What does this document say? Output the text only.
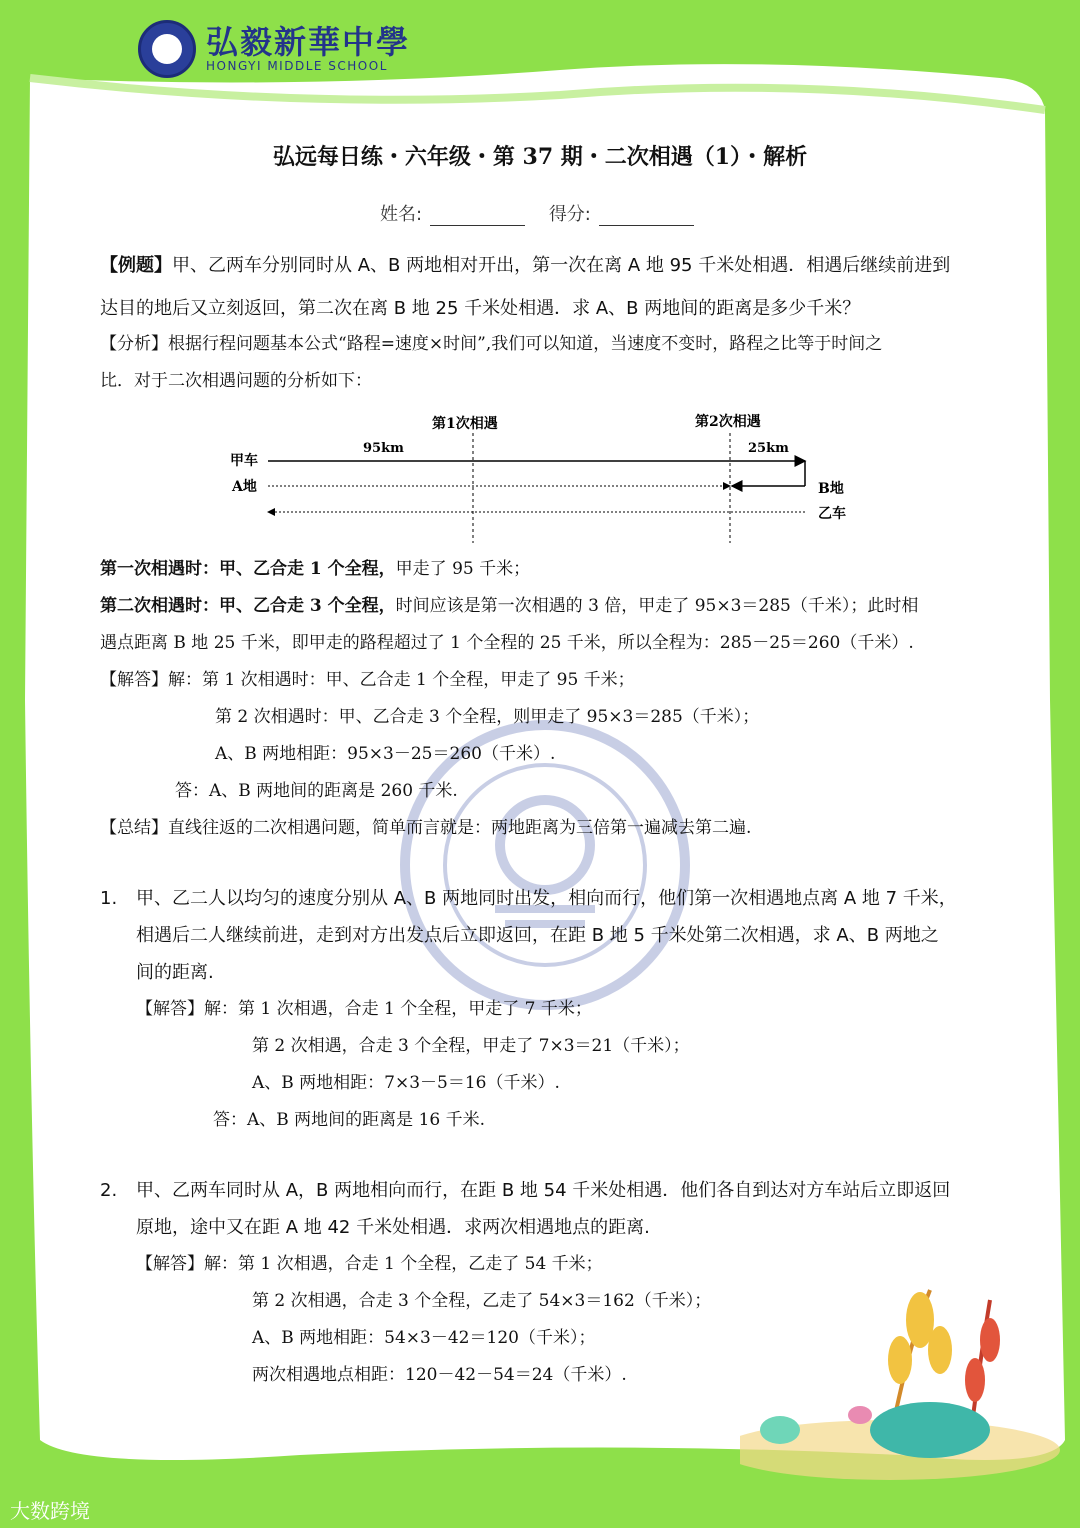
弘毅新華中學
HONGYI MIDDLE SCHOOL
弘远每日练・六年级・第 37 期・二次相遇（1）・解析
姓名:	得分:
【例题】甲、乙两车分别同时从 A、B 两地相对开出，第一次在离 A 地 95 千米处相遇．相遇后继续前进到
达目的地后又立刻返回，第二次在离 B 地 25 千米处相遇．求 A、B 两地间的距离是多少千米？
【分析】根据行程问题基本公式“路程=速度×时间”,我们可以知道，当速度不变时，路程之比等于时间之
比．对于二次相遇问题的分析如下：
第1次相遇	第2次相遇
95km	25km
甲车
A地	B地
乙车
第一次相遇时：甲、乙合走 1 个全程，甲走了 95 千米；
第二次相遇时：甲、乙合走 3 个全程，时间应该是第一次相遇的 3 倍，甲走了 95×3＝285（千米）；此时相
遇点距离 B 地 25 千米，即甲走的路程超过了 1 个全程的 25 千米，所以全程为：285－25＝260（千米）.
【解答】解：第 1 次相遇时：甲、乙合走 1 个全程，甲走了 95 千米；
第 2 次相遇时：甲、乙合走 3 个全程，则甲走了 95×3＝285（千米）；
A、B 两地相距：95×3－25＝260（千米）.
答：A、B 两地间的距离是 260 千米.
【总结】直线往返的二次相遇问题，简单而言就是：两地距离为三倍第一遍减去第二遍.
1.	甲、乙二人以均匀的速度分别从 A、B 两地同时出发，相向而行，他们第一次相遇地点离 A 地 7 千米，
相遇后二人继续前进，走到对方出发点后立即返回，在距 B 地 5 千米处第二次相遇，求 A、B 两地之
间的距离.
【解答】解：第 1 次相遇，合走 1 个全程，甲走了 7 千米；
第 2 次相遇，合走 3 个全程，甲走了 7×3＝21（千米）；
A、B 两地相距：7×3－5＝16（千米）.
答：A、B 两地间的距离是 16 千米.
2.	甲、乙两车同时从 A，B 两地相向而行，在距 B 地 54 千米处相遇．他们各自到达对方车站后立即返回
原地，途中又在距 A 地 42 千米处相遇．求两次相遇地点的距离.
【解答】解：第 1 次相遇，合走 1 个全程，乙走了 54 千米；
第 2 次相遇，合走 3 个全程，乙走了 54×3＝162（千米）；
A、B 两地相距：54×3－42＝120（千米）；
两次相遇地点相距：120－42－54＝24（千米）.
大数跨境
